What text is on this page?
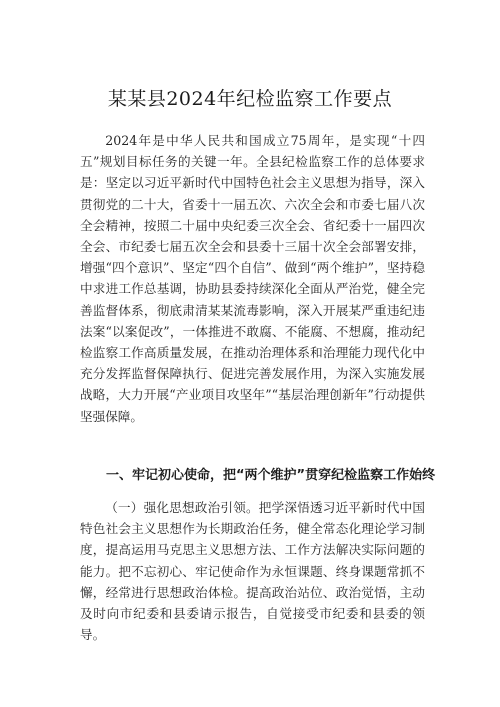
某某县2024年纪检监察工作要点

2024年是中华人民共和国成立75周年，是实现“十四五”规划目标任务的关键一年。全县纪检监察工作的总体要求是：坚定以习近平新时代中国特色社会主义思想为指导，深入贯彻党的二十大，省委十一届五次、六次全会和市委七届八次全会精神，按照二十届中央纪委三次全会、省纪委十一届四次全会、市纪委七届五次全会和县委十三届十次全会部署安排，增强“四个意识”、坚定“四个自信”、做到“两个维护”，坚持稳中求进工作总基调，协助县委持续深化全面从严治党，健全完善监督体系，彻底肃清某某流毒影响，深入开展某严重违纪违法案“以案促改”，一体推进不敢腐、不能腐、不想腐，推动纪检监察工作高质量发展，在推动治理体系和治理能力现代化中充分发挥监督保障执行、促进完善发展作用，为深入实施发展战略，大力开展“产业项目攻坚年”“基层治理创新年”行动提供坚强保障。

一、牢记初心使命，把“两个维护”贯穿纪检监察工作始终

（一）强化思想政治引领。把学深悟透习近平新时代中国特色社会主义思想作为长期政治任务，健全常态化理论学习制度，提高运用马克思主义思想方法、工作方法解决实际问题的能力。把不忘初心、牢记使命作为永恒课题、终身课题常抓不懈，经常进行思想政治体检。提高政治站位、政治觉悟，主动及时向市纪委和县委请示报告，自觉接受市纪委和县委的领导。
